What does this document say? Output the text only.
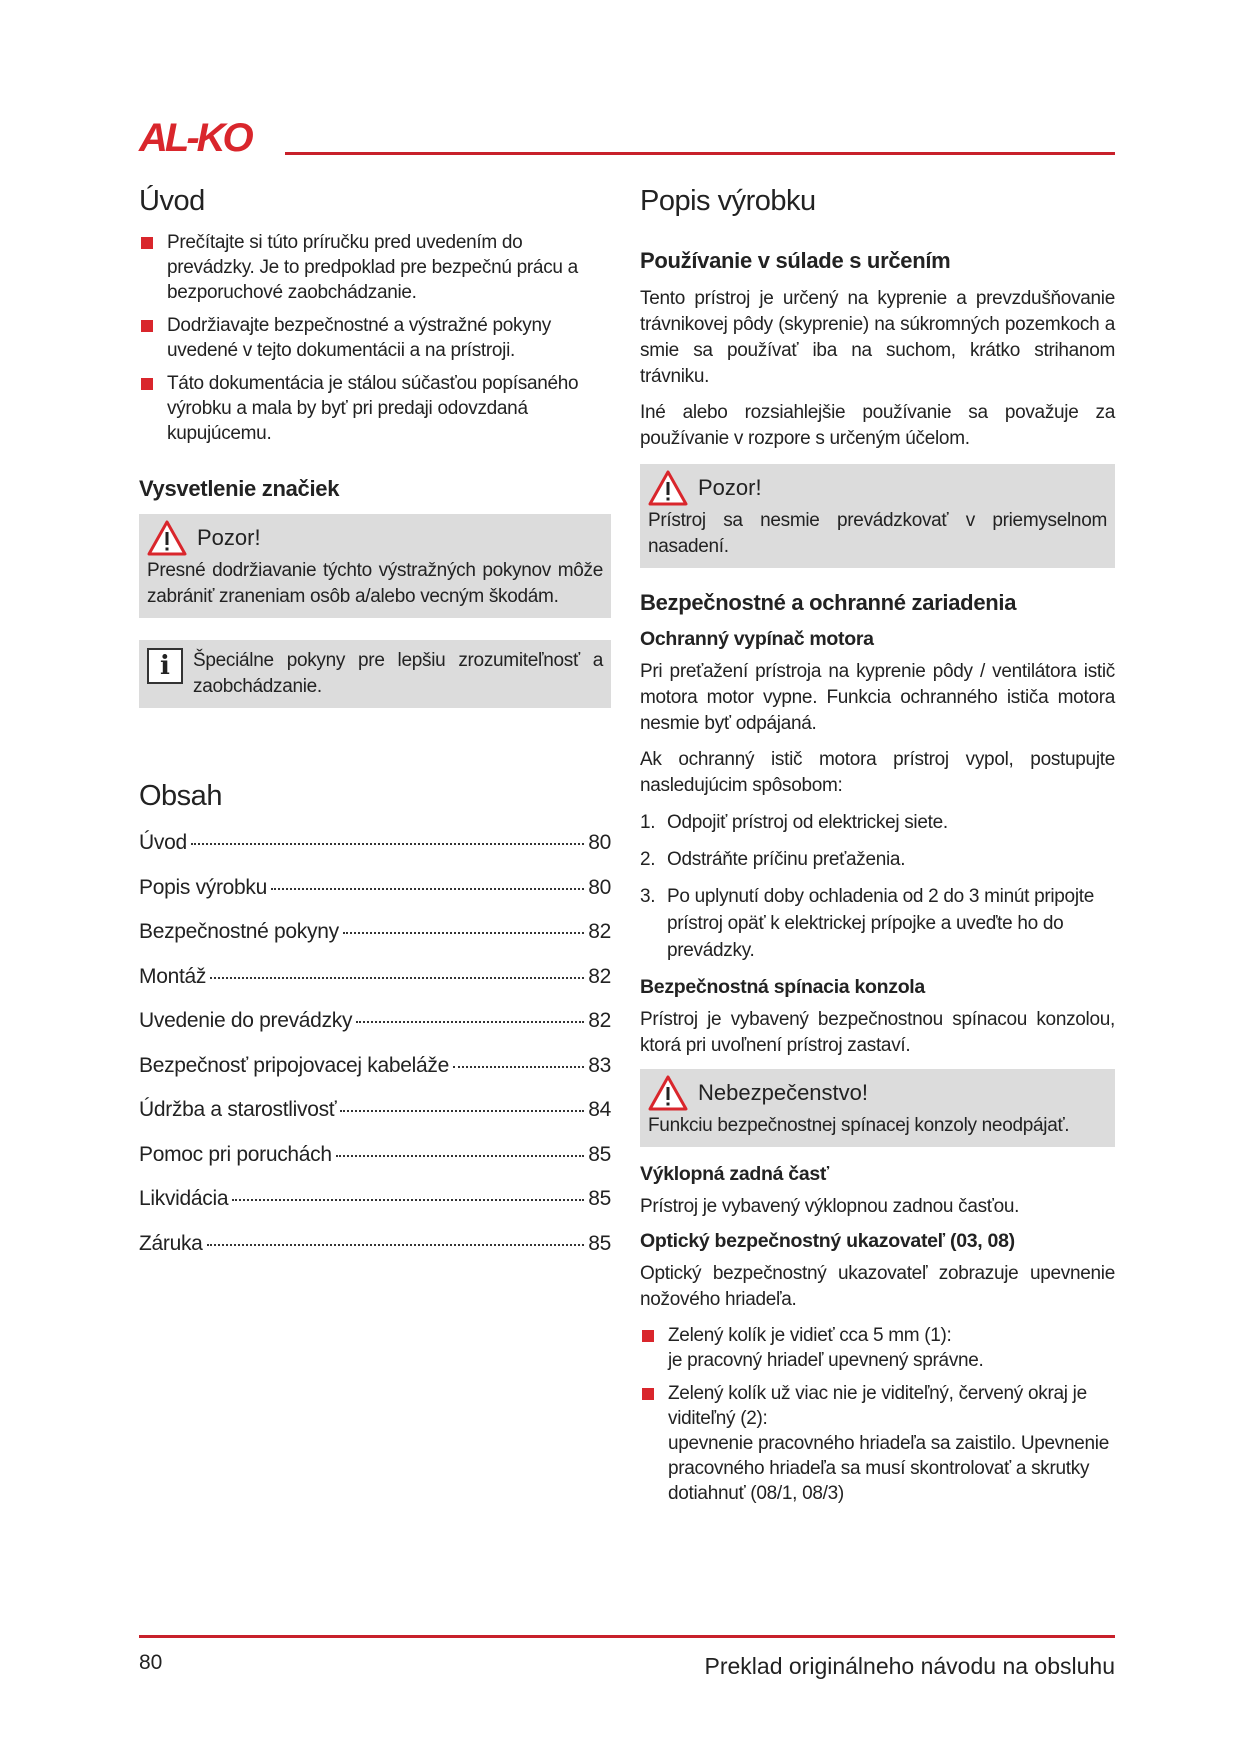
AL-KO
Úvod
Prečítajte si túto príručku pred uvedením do prevádzky. Je to predpoklad pre bezpečnú prácu a bezporuchové zaobchádzanie.
Dodržiavajte bezpečnostné a výstražné pokyny uvedené v tejto dokumentácii a na prístroji.
Táto dokumentácia je stálou súčasťou popísaného výrobku a mala by byť pri predaji odovzdaná kupujúcemu.
Vysvetlenie značiek
Pozor!
Presné dodržiavanie týchto výstražných pokynov môže zabrániť zraneniam osôb a/alebo vecným škodám.
i	Špeciálne pokyny pre lepšiu zrozumiteľnosť a zaobchádzanie.
Obsah
Úvod	80
Popis výrobku	80
Bezpečnostné pokyny	82
Montáž	82
Uvedenie do prevádzky	82
Bezpečnosť pripojovacej kabeláže	83
Údržba a starostlivosť	84
Pomoc pri poruchách	85
Likvidácia	85
Záruka	85
Popis výrobku
Používanie v súlade s určením

Tento prístroj je určený na kyprenie a prevzdušňovanie trávnikovej pôdy (skyprenie) na súkromných pozemkoch a smie sa používať iba na suchom, krátko strihanom trávniku.

Iné alebo rozsiahlejšie používanie sa považuje za používanie v rozpore s určeným účelom.

Pozor!
Prístroj sa nesmie prevádzkovať v priemyselnom nasadení.
Bezpečnostné a ochranné zariadenia
Ochranný vypínač motora

Pri preťažení prístroja na kyprenie pôdy / ventilátora istič motora motor vypne. Funkcia ochranného ističa motora nesmie byť odpájaná.

Ak ochranný istič motora prístroj vypol, postupujte nasledujúcim spôsobom:

1. Odpojiť prístroj od elektrickej siete.
2. Odstráňte príčinu preťaženia.
3. Po uplynutí doby ochladenia od 2 do 3 minút pripojte prístroj opäť k elektrickej prípojke a uveďte ho do prevádzky.
Bezpečnostná spínacia konzola

Prístroj je vybavený bezpečnostnou spínacou konzolou, ktorá pri uvoľnení prístroj zastaví.

Nebezpečenstvo!
Funkciu bezpečnostnej spínacej konzoly neodpájať.
Výklopná zadná časť

Prístroj je vybavený výklopnou zadnou časťou.

Optický bezpečnostný ukazovateľ (03, 08)

Optický bezpečnostný ukazovateľ zobrazuje upevnenie nožového hriadeľa.

Zelený kolík je vidieť cca 5 mm (1):
je pracovný hriadeľ upevnený správne.
Zelený kolík už viac nie je viditeľný, červený okraj je viditeľný (2):
upevnenie pracovného hriadeľa sa zaistilo. Upevnenie pracovného hriadeľa sa musí skontrolovať a skrutky dotiahnuť (08/1, 08/3)
80	Preklad originálneho návodu na obsluhu
